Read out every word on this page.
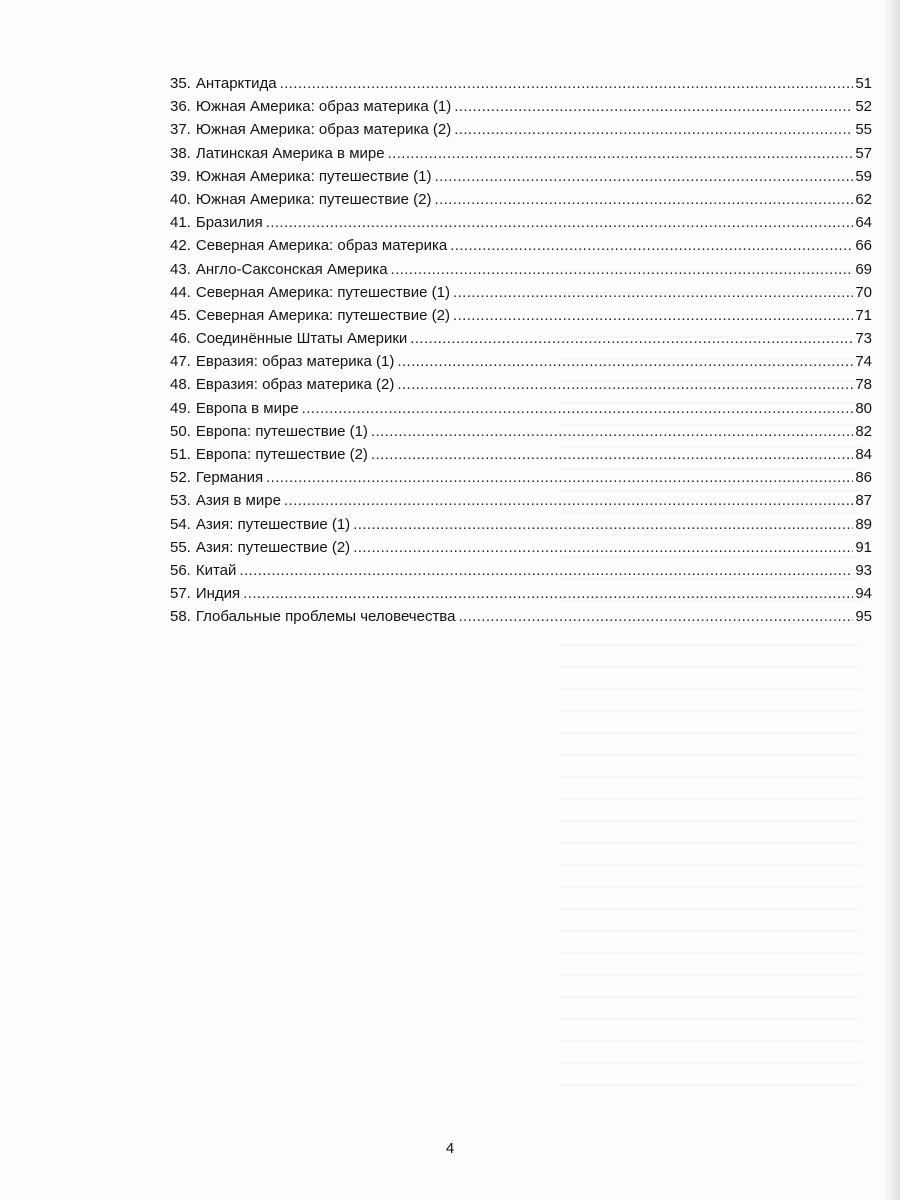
35. Антарктида .....	51
36. Южная Америка: образ материка (1) .....	52
37. Южная Америка: образ материка (2) .....	55
38. Латинская Америка в мире .....	57
39. Южная Америка: путешествие (1) .....	59
40. Южная Америка: путешествие (2) .....	62
41. Бразилия .....	64
42. Северная Америка: образ материка .....	66
43. Англо-Саксонская Америка .....	69
44. Северная Америка: путешествие (1) .....	70
45. Северная Америка: путешествие (2) .....	71
46. Соединённые Штаты Америки .....	73
47. Евразия: образ материка (1) .....	74
48. Евразия: образ материка (2) .....	78
49. Европа в мире .....	80
50. Европа: путешествие (1) .....	82
51. Европа: путешествие (2) .....	84
52. Германия .....	86
53. Азия в мире .....	87
54. Азия: путешествие (1) .....	89
55. Азия: путешествие (2) .....	91
56. Китай .....	93
57. Индия .....	94
58. Глобальные проблемы человечества .....	95
4
